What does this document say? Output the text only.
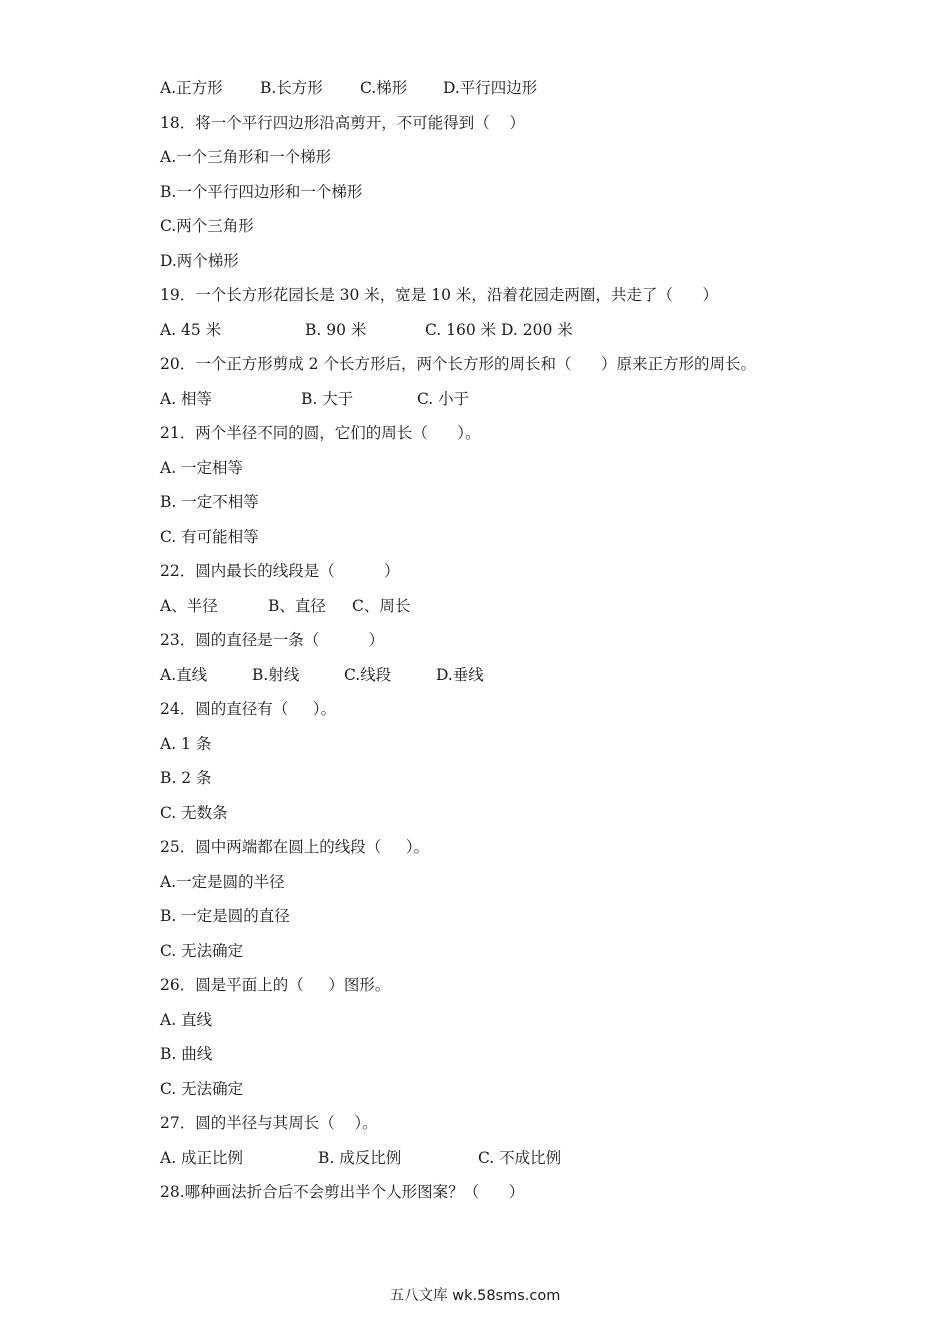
A.正方形	B.长方形	C.梯形	D.平行四边形
18．将一个平行四边形沿高剪开，不可能得到（    ）
A.一个三角形和一个梯形
B.一个平行四边形和一个梯形
C.两个三角形
D.两个梯形
19．一个长方形花园长是 30 米，宽是 10 米，沿着花园走两圈，共走了（      ）
A. 45 米	B. 90 米	C. 160 米 D. 200 米
20．一个正方形剪成 2 个长方形后，两个长方形的周长和（      ）原来正方形的周长。
A. 相等	B. 大于	C. 小于
21．两个半径不同的圆，它们的周长（      ）。
A. 一定相等
B. 一定不相等
C. 有可能相等
22．圆内最长的线段是（          ）
A、半径	B、直径	C、周长
23．圆的直径是一条（          ）
A.直线	B.射线	C.线段	D.垂线
24．圆的直径有（     ）。
A. 1 条
B. 2 条
C. 无数条
25．圆中两端都在圆上的线段（     ）。
A.一定是圆的半径
B. 一定是圆的直径
C. 无法确定
26．圆是平面上的（     ）图形。
A. 直线
B. 曲线
C. 无法确定
27．圆的半径与其周长（    ）。
A. 成正比例	B. 成反比例	C. 不成比例
28.哪种画法折合后不会剪出半个人形图案？（      ）
五八文库 wk.58sms.com
